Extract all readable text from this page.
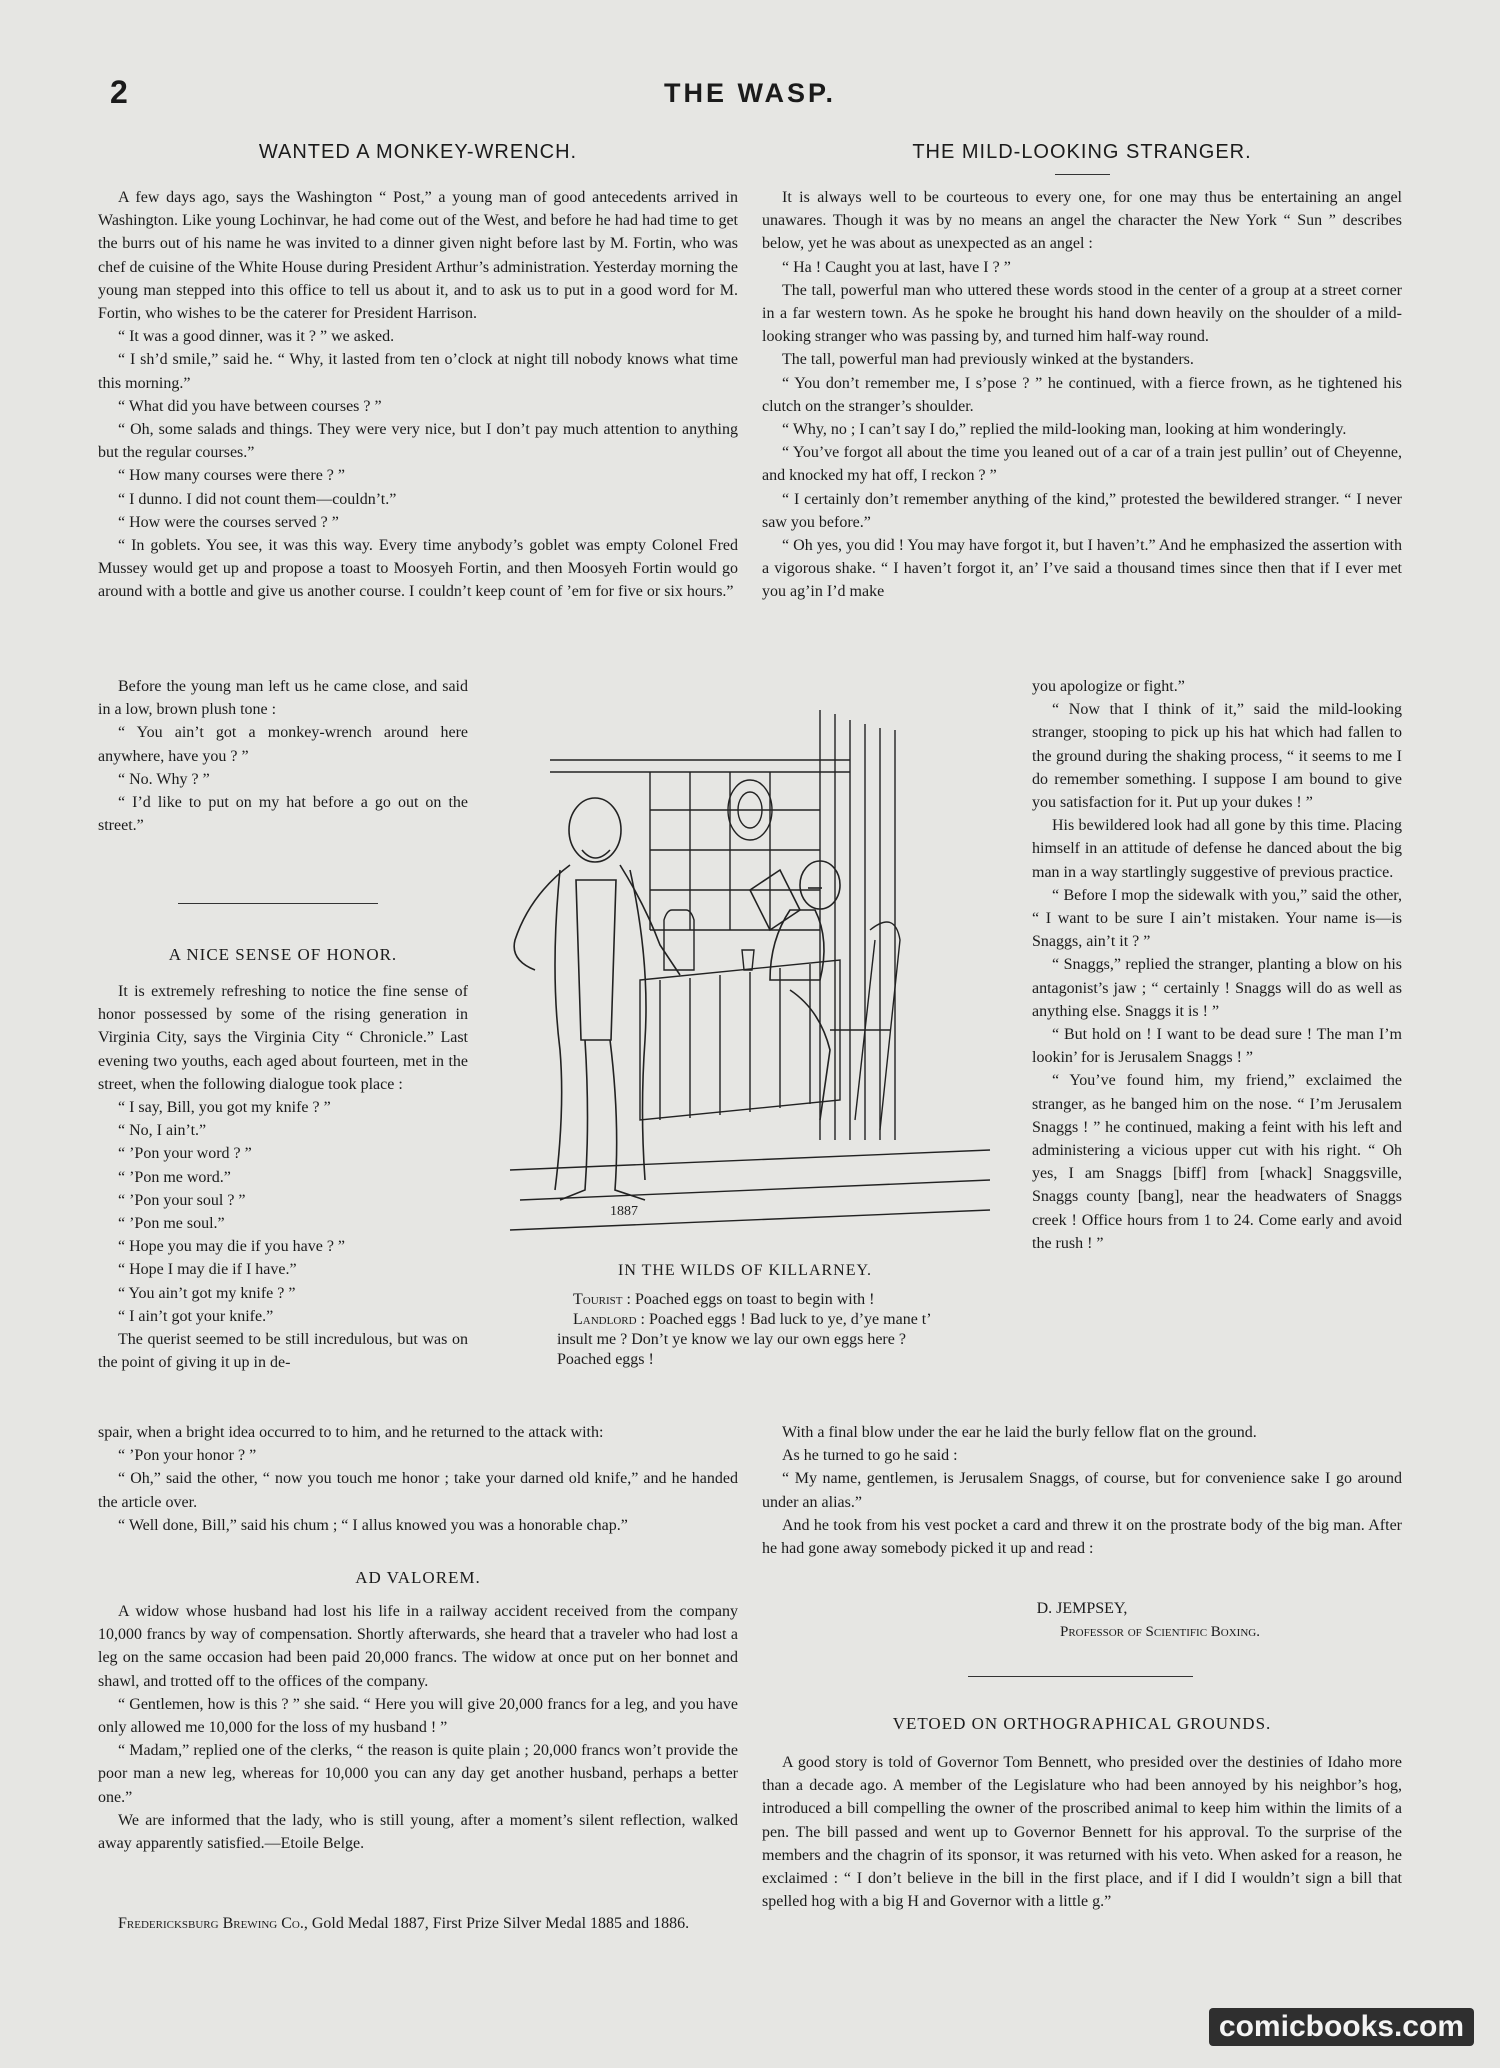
2	THE WASP.
WANTED A MONKEY-WRENCH.

A few days ago, says the Washington “ Post,” a young man of good antecedents arrived in Washington. Like young Lochinvar, he had come out of the West, and before he had had time to get the burrs out of his name he was invited to a dinner given night before last by M. Fortin, who was chef de cuisine of the White House during President Arthur’s administration. Yesterday morning the young man stepped into this office to tell us about it, and to ask us to put in a good word for M. Fortin, who wishes to be the caterer for President Harrison.

“ It was a good dinner, was it ? ” we asked.

“ I sh’d smile,” said he. “ Why, it lasted from ten o’clock at night till nobody knows what time this morning.”

“ What did you have between courses ? ”

“ Oh, some salads and things. They were very nice, but I don’t pay much attention to anything but the regular courses.”

“ How many courses were there ? ”

“ I dunno. I did not count them—couldn’t.”

“ How were the courses served ? ”

“ In goblets. You see, it was this way. Every time anybody’s goblet was empty Colonel Fred Mussey would get up and propose a toast to Moosyeh Fortin, and then Moosyeh Fortin would go around with a bottle and give us another course. I couldn’t keep count of ’em for five or six hours.”

Before the young man left us he came close, and said in a low, brown plush tone :

“ You ain’t got a monkey-wrench around here anywhere, have you ? ”

“ No. Why ? ”

“ I’d like to put on my hat before a go out on the street.”

A NICE SENSE OF HONOR.

It is extremely refreshing to notice the fine sense of honor possessed by some of the rising generation in Virginia City, says the Virginia City “ Chronicle.” Last evening two youths, each aged about fourteen, met in the street, when the following dialogue took place :

“ I say, Bill, you got my knife ? ”

“ No, I ain’t.”

“ ’Pon your word ? ”

“ ’Pon me word.”

“ ’Pon your soul ? ”

“ ’Pon me soul.”

“ Hope you may die if you have ? ”

“ Hope I may die if I have.”

“ You ain’t got my knife ? ”

“ I ain’t got your knife.”

The querist seemed to be still incredulous, but was on the point of giving it up in de-

spair, when a bright idea occurred to to him, and he returned to the attack with:

“ ’Pon your honor ? ”

“ Oh,” said the other, “ now you touch me honor ; take your darned old knife,” and he handed the article over.

“ Well done, Bill,” said his chum ; “ I allus knowed you was a honorable chap.”

AD VALOREM.

A widow whose husband had lost his life in a railway accident received from the company 10,000 francs by way of compensation. Shortly afterwards, she heard that a traveler who had lost a leg on the same occasion had been paid 20,000 francs. The widow at once put on her bonnet and shawl, and trotted off to the offices of the company.

“ Gentlemen, how is this ? ” she said. “ Here you will give 20,000 francs for a leg, and you have only allowed me 10,000 for the loss of my husband ! ”

“ Madam,” replied one of the clerks, “ the reason is quite plain ; 20,000 francs won’t provide the poor man a new leg, whereas for 10,000 you can any day get another husband, perhaps a better one.”

We are informed that the lady, who is still young, after a moment’s silent reflection, walked away apparently satisfied.—Etoile Belge.

Fredericksburg Brewing Co., Gold Medal 1887, First Prize Silver Medal 1885 and 1886.
1887
IN THE WILDS OF KILLARNEY.

Tourist : Poached eggs on toast to begin with !

Landlord : Poached eggs ! Bad luck to ye, d’ye mane t’ insult me ? Don’t ye know we lay our own eggs here ? Poached eggs !

THE MILD-LOOKING STRANGER.

It is always well to be courteous to every one, for one may thus be entertaining an angel unawares. Though it was by no means an angel the character the New York “ Sun ” describes below, yet he was about as unexpected as an angel :

“ Ha ! Caught you at last, have I ? ”

The tall, powerful man who uttered these words stood in the center of a group at a street corner in a far western town. As he spoke he brought his hand down heavily on the shoulder of a mild-looking stranger who was passing by, and turned him half-way round.

The tall, powerful man had previously winked at the bystanders.

“ You don’t remember me, I s’pose ? ” he continued, with a fierce frown, as he tightened his clutch on the stranger’s shoulder.

“ Why, no ; I can’t say I do,” replied the mild-looking man, looking at him wonderingly.

“ You’ve forgot all about the time you leaned out of a car of a train jest pullin’ out of Cheyenne, and knocked my hat off, I reckon ? ”

“ I certainly don’t remember anything of the kind,” protested the bewildered stranger. “ I never saw you before.”

“ Oh yes, you did ! You may have forgot it, but I haven’t.” And he emphasized the assertion with a vigorous shake. “ I haven’t forgot it, an’ I’ve said a thousand times since then that if I ever met you ag’in I’d make

you apologize or fight.”

“ Now that I think of it,” said the mild-looking stranger, stooping to pick up his hat which had fallen to the ground during the shaking process, “ it seems to me I do remember something. I suppose I am bound to give you satisfaction for it. Put up your dukes ! ”

His bewildered look had all gone by this time. Placing himself in an attitude of defense he danced about the big man in a way startlingly suggestive of previous practice.

“ Before I mop the sidewalk with you,” said the other, “ I want to be sure I ain’t mistaken. Your name is—is Snaggs, ain’t it ? ”

“ Snaggs,” replied the stranger, planting a blow on his antagonist’s jaw ; “ certainly ! Snaggs will do as well as anything else. Snaggs it is ! ”

“ But hold on ! I want to be dead sure ! The man I’m lookin’ for is Jerusalem Snaggs ! ”

“ You’ve found him, my friend,” exclaimed the stranger, as he banged him on the nose. “ I’m Jerusalem Snaggs ! ” he continued, making a feint with his left and administering a vicious upper cut with his right. “ Oh yes, I am Snaggs [biff] from [whack] Snaggsville, Snaggs county [bang], near the headwaters of Snaggs creek ! Office hours from 1 to 24. Come early and avoid the rush ! ”

With a final blow under the ear he laid the burly fellow flat on the ground.

As he turned to go he said :

“ My name, gentlemen, is Jerusalem Snaggs, of course, but for convenience sake I go around under an alias.”

And he took from his vest pocket a card and threw it on the prostrate body of the big man. After he had gone away somebody picked it up and read :

D. JEMPSEY,
Professor of Scientific Boxing.
VETOED ON ORTHOGRAPHICAL GROUNDS.

A good story is told of Governor Tom Bennett, who presided over the destinies of Idaho more than a decade ago. A member of the Legislature who had been annoyed by his neighbor’s hog, introduced a bill compelling the owner of the proscribed animal to keep him within the limits of a pen. The bill passed and went up to Governor Bennett for his approval. To the surprise of the members and the chagrin of its sponsor, it was returned with his veto. When asked for a reason, he exclaimed : “ I don’t believe in the bill in the first place, and if I did I wouldn’t sign a bill that spelled hog with a big H and Governor with a little g.”

comicbooks.com
